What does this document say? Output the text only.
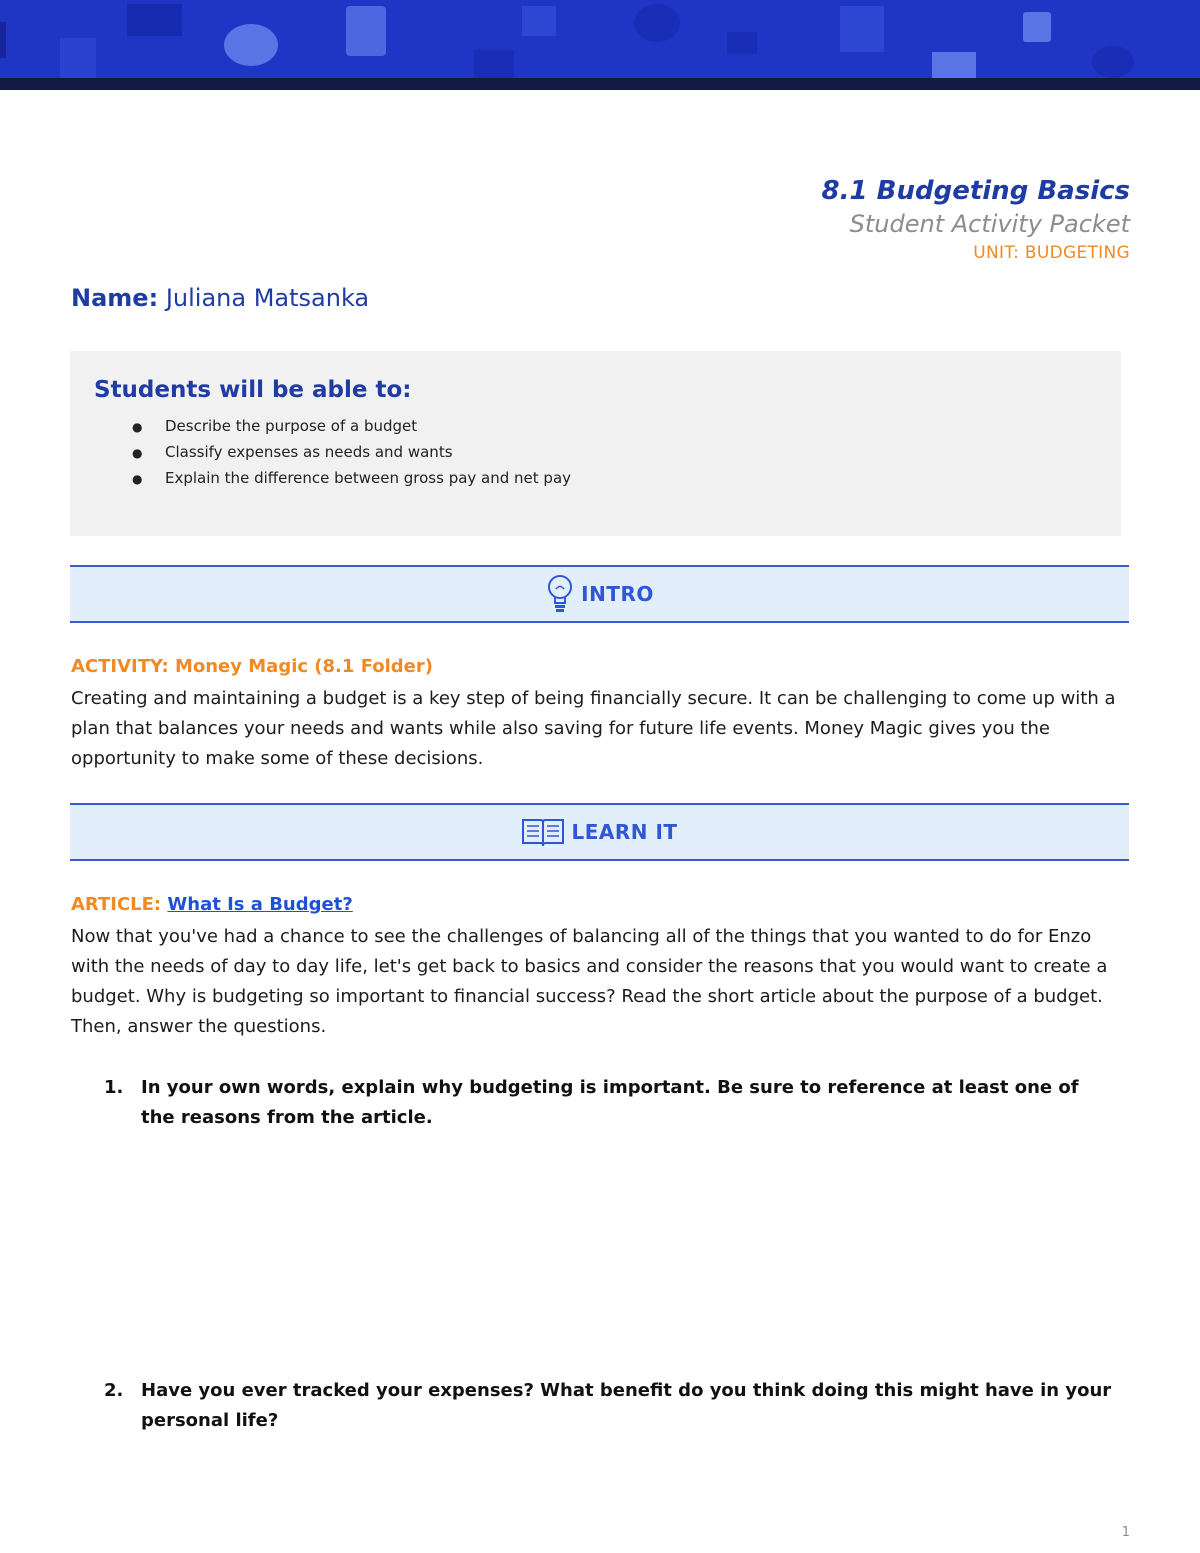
8.1 Budgeting Basics
Student Activity Packet
UNIT: BUDGETING
Name: Juliana Matsanka
Students will be able to:
● Describe the purpose of a budget
● Classify expenses as needs and wants
● Explain the difference between gross pay and net pay
INTRO
ACTIVITY: Money Magic (8.1 Folder)
Creating and maintaining a budget is a key step of being financially secure. It can be challenging to come up with a plan that balances your needs and wants while also saving for future life events. Money Magic gives you the opportunity to make some of these decisions.
LEARN IT
ARTICLE: What Is a Budget?
Now that you've had a chance to see the challenges of balancing all of the things that you wanted to do for Enzo with the needs of day to day life, let's get back to basics and consider the reasons that you would want to create a budget. Why is budgeting so important to financial success? Read the short article about the purpose of a budget. Then, answer the questions.
1. In your own words, explain why budgeting is important. Be sure to reference at least one of the reasons from the article.
2. Have you ever tracked your expenses? What benefit do you think doing this might have in your personal life?
1
